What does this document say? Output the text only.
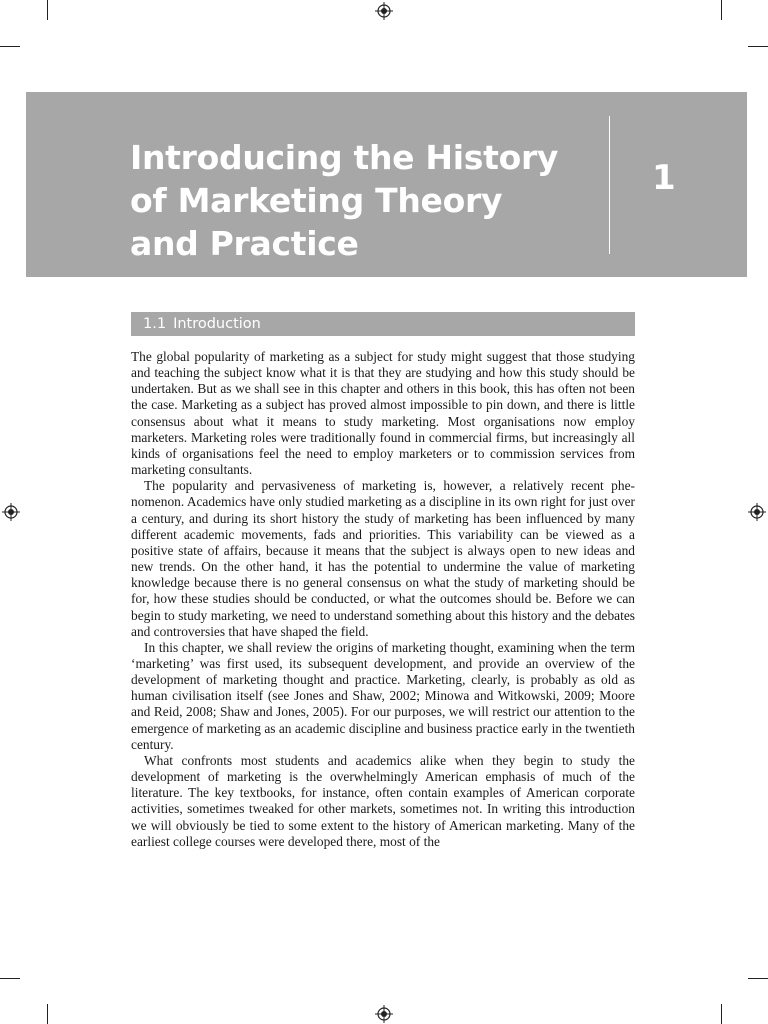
Introducing the History
of Marketing Theory
and Practice
1
1.1 Introduction

The global popularity of marketing as a subject for study might suggest that those studying and teaching the subject know what it is that they are studying and how this study should be undertaken. But as we shall see in this chapter and others in this book, this has often not been the case. Marketing as a subject has proved almost impossible to pin down, and there is little consensus about what it means to study marketing. Most organisations now employ marketers. Marketing roles were traditionally found in commercial firms, but increasingly all kinds of organisations feel the need to employ marketers or to commission services from marketing consultants.

The popularity and pervasiveness of marketing is, however, a relatively recent phenomenon. Academics have only studied marketing as a discipline in its own right for just over a century, and during its short history the study of marketing has been influenced by many different academic movements, fads and priorities. This variability can be viewed as a positive state of affairs, because it means that the subject is always open to new ideas and new trends. On the other hand, it has the potential to undermine the value of marketing knowledge because there is no general consensus on what the study of marketing should be for, how these studies should be conducted, or what the outcomes should be. Before we can begin to study marketing, we need to understand something about this history and the debates and controversies that have shaped the field.

In this chapter, we shall review the origins of marketing thought, examining when the term ‘marketing’ was first used, its subsequent development, and provide an overview of the development of marketing thought and practice. Marketing, clearly, is probably as old as human civilisation itself (see Jones and Shaw, 2002; Minowa and Witkowski, 2009; Moore and Reid, 2008; Shaw and Jones, 2005). For our purposes, we will restrict our attention to the emergence of marketing as an academic discipline and business practice early in the twentieth century.

What confronts most students and academics alike when they begin to study the development of marketing is the overwhelmingly American emphasis of much of the literature. The key textbooks, for instance, often contain examples of American corporate activities, sometimes tweaked for other markets, sometimes not. In writing this introduction we will obviously be tied to some extent to the history of American marketing. Many of the earliest college courses were developed there, most of the
